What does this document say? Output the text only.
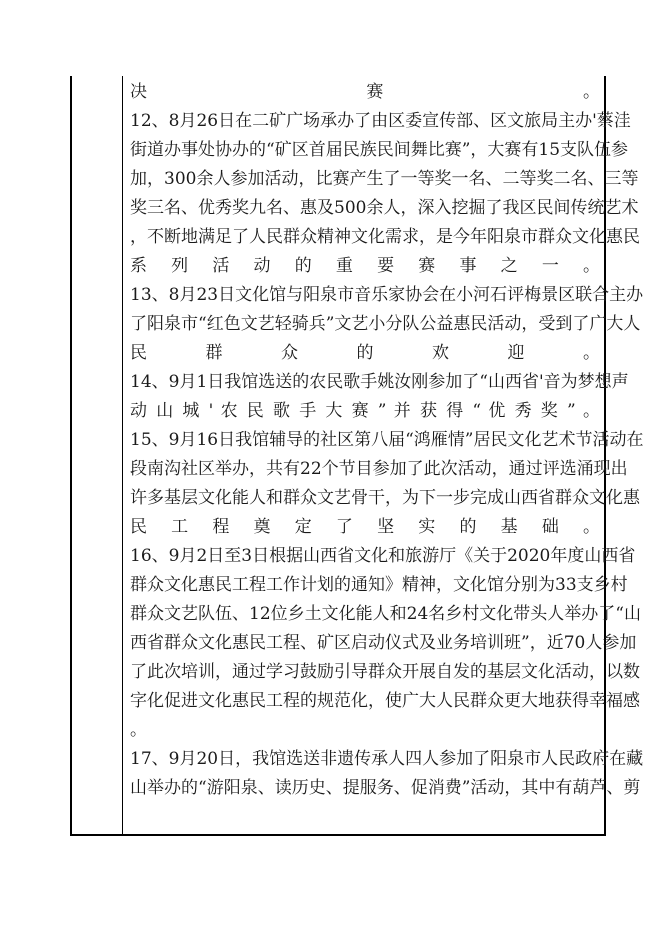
决　　　　　　　　　　　赛　　　　　　　　　　。
12、8月26日在二矿广场承办了由区委宣传部、区文旅局主办'蔡洼
街道办事处协办的“矿区首届民族民间舞比赛”，大赛有15支队伍参
加，300余人参加活动，比赛产生了一等奖一名、二等奖二名、三等
奖三名、优秀奖九名、惠及500余人，深入挖掘了我区民间传统艺术
，不断地满足了人民群众精神文化需求，是今年阳泉市群众文化惠民
系　列　活　动　的　重　要　赛　事　之　一　。
13、8月23日文化馆与阳泉市音乐家协会在小河石评梅景区联合主办
了阳泉市“红色文艺轻骑兵”文艺小分队公益惠民活动，受到了广大人
民　　　群　　　众　　　的　　　欢　　　迎　　　。
14、9月1日我馆选送的农民歌手姚汝刚参加了“山西省'音为梦想声
动 山 城 ' 农 民 歌 手 大 赛 ” 并 获 得 “ 优 秀 奖 ” 。
15、9月16日我馆辅导的社区第八届“鸿雁情”居民文化艺术节活动在
段南沟社区举办，共有22个节目参加了此次活动，通过评选涌现出
许多基层文化能人和群众文艺骨干，为下一步完成山西省群众文化惠
民　工　程　奠　定　了　坚　实　的　基　础　。
16、9月2日至3日根据山西省文化和旅游厅《关于2020年度山西省
群众文化惠民工程工作计划的通知》精神，文化馆分别为33支乡村
群众文艺队伍、12位乡土文化能人和24名乡村文化带头人举办了“山
西省群众文化惠民工程、矿区启动仪式及业务培训班”，近70人参加
了此次培训，通过学习鼓励引导群众开展自发的基层文化活动，以数
字化促进文化惠民工程的规范化，使广大人民群众更大地获得幸福感
。
17、9月20日，我馆选送非遗传承人四人参加了阳泉市人民政府在藏
山举办的“游阳泉、读历史、提服务、促消费”活动，其中有葫芦、剪
